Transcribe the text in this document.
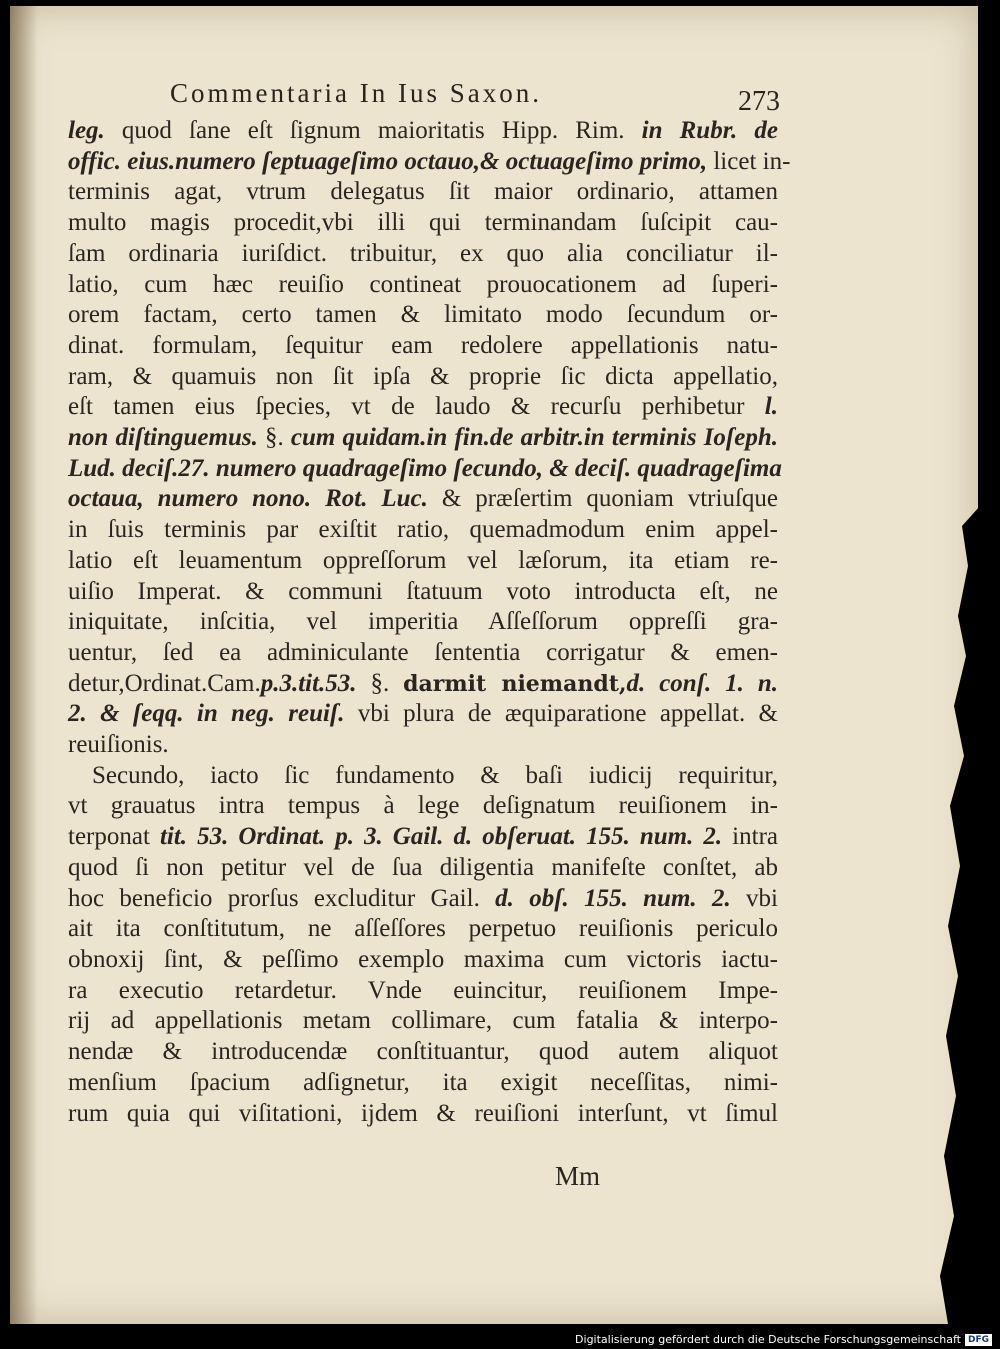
Commentaria In Ius Saxon.	273
leg. quod ſane eſt ſignum maioritatis Hipp. Rim. in Rubr. de
offic. eius.numero ſeptuageſimo octauo,& octuageſimo primo, licet in-
terminis agat, vtrum delegatus ſit maior ordinario, attamen
multo magis procedit,vbi illi qui terminandam ſuſcipit cau-
ſam ordinaria iuriſdict. tribuitur, ex quo alia conciliatur il-
latio, cum hæc reuiſio contineat prouocationem ad ſuperi-
orem factam, certo tamen & limitato modo ſecundum or-
dinat. formulam, ſequitur eam redolere appellationis natu-
ram, & quamuis non ſit ipſa & proprie ſic dicta appellatio,
eſt tamen eius ſpecies, vt de laudo & recurſu perhibetur l.
non diſtinguemus. §. cum quidam.in fin.de arbitr.in terminis Ioſeph.
Lud. deciſ.27. numero quadrageſimo ſecundo, & deciſ. quadrageſima
octaua, numero nono. Rot. Luc. & præſertim quoniam vtriuſque
in ſuis terminis par exiſtit ratio, quemadmodum enim appel-
latio eſt leuamentum oppreſſorum vel læſorum, ita etiam re-
uiſio Imperat. & communi ſtatuum voto introducta eſt, ne
iniquitate, inſcitia, vel imperitia Aſſeſſorum oppreſſi gra-
uentur, ſed ea adminiculante ſententia corrigatur & emen-
detur,Ordinat.Cam.p.3.tit.53. §. darmit niemandt,d. conſ. 1. n.
2. & ſeqq. in neg. reuiſ. vbi plura de æquiparatione appellat. &
reuiſionis.
Secundo, iacto ſic fundamento & baſi iudicij requiritur,
vt grauatus intra tempus à lege deſignatum reuiſionem in-
terponat tit. 53. Ordinat. p. 3. Gail. d. obſeruat. 155. num. 2. intra
quod ſi non petitur vel de ſua diligentia manifeſte conſtet, ab
hoc beneficio prorſus excluditur Gail. d. obſ. 155. num. 2. vbi
ait ita conſtitutum, ne aſſeſſores perpetuo reuiſionis periculo
obnoxij ſint, & peſſimo exemplo maxima cum victoris iactu-
ra executio retardetur. Vnde euincitur, reuiſionem Impe-
rij ad appellationis metam collimare, cum fatalia & interpo-
nendæ & introducendæ conſtituantur, quod autem aliquot
menſium ſpacium adſignetur, ita exigit neceſſitas, nimi-
rum quia qui viſitationi, ijdem & reuiſioni interſunt, vt ſimul
Mm
Digitalisierung gefördert durch die Deutsche Forschungsgemeinschaft DFG
